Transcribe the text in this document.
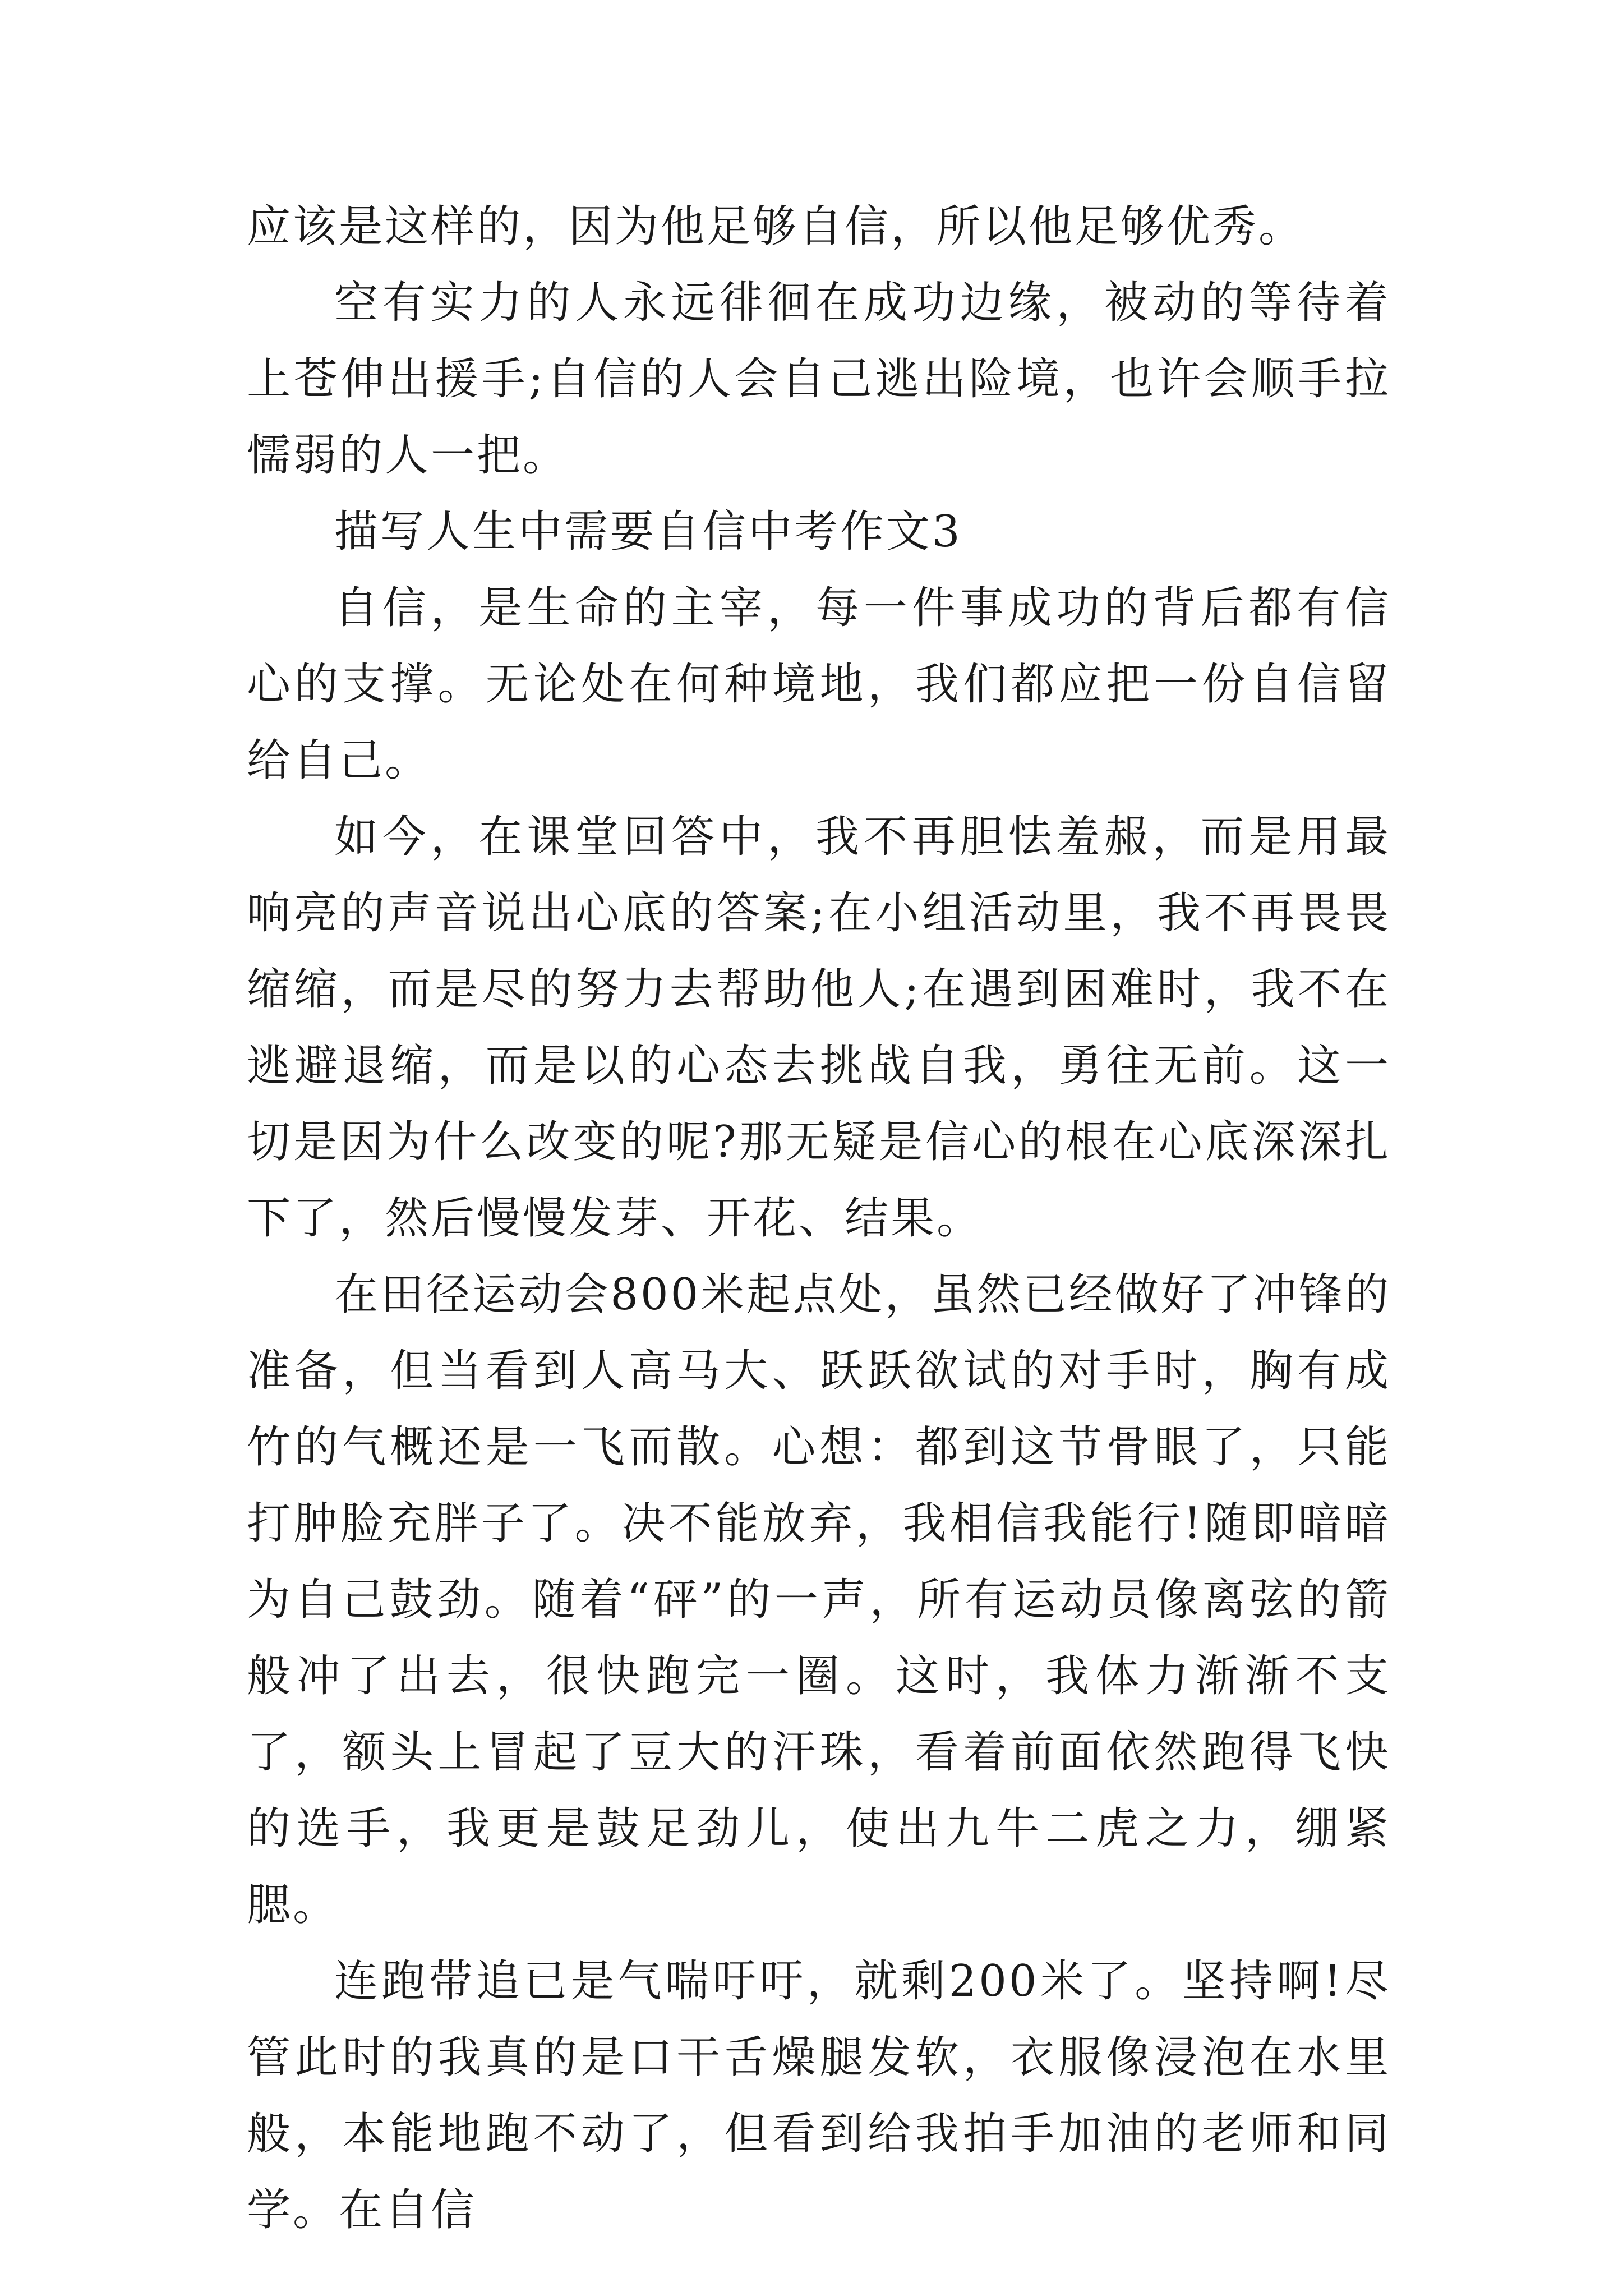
应该是这样的，因为他足够自信，所以他足够优秀。

空有实力的人永远徘徊在成功边缘，被动的等待着上苍伸出援手;自信的人会自己逃出险境，也许会顺手拉懦弱的人一把。

描写人生中需要自信中考作文3

自信，是生命的主宰，每一件事成功的背后都有信心的支撑。无论处在何种境地，我们都应把一份自信留给自己。

如今，在课堂回答中，我不再胆怯羞赧，而是用最响亮的声音说出心底的答案;在小组活动里，我不再畏畏缩缩，而是尽的努力去帮助他人;在遇到困难时，我不在逃避退缩，而是以的心态去挑战自我，勇往无前。这一切是因为什么改变的呢?那无疑是信心的根在心底深深扎下了，然后慢慢发芽、开花、结果。

在田径运动会800米起点处，虽然已经做好了冲锋的准备，但当看到人高马大、跃跃欲试的对手时，胸有成竹的气概还是一飞而散。心想：都到这节骨眼了，只能打肿脸充胖子了。决不能放弃，我相信我能行!随即暗暗为自己鼓劲。随着“砰”的一声，所有运动员像离弦的箭般冲了出去，很快跑完一圈。这时，我体力渐渐不支了，额头上冒起了豆大的汗珠，看着前面依然跑得飞快的选手，我更是鼓足劲儿，使出九牛二虎之力，绷紧腮。

连跑带追已是气喘吁吁，就剩200米了。坚持啊!尽管此时的我真的是口干舌燥腿发软，衣服像浸泡在水里般，本能地跑不动了，但看到给我拍手加油的老师和同学。在自信
